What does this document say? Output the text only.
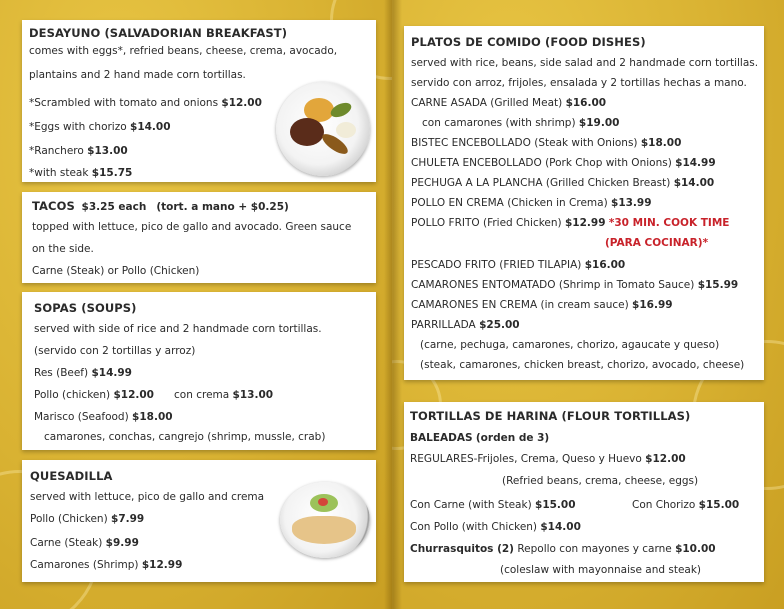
DESAYUNO (SALVADORIAN BREAKFAST)
comes with eggs*, refried beans, cheese, crema, avocado,
plantains and 2 hand made corn tortillas.
*Scrambled with tomato and onions $12.00
*Eggs with chorizo $14.00
*Ranchero $13.00
*with steak $15.75
TACOS $3.25 each (tort. a mano + $0.25)
topped with lettuce, pico de gallo and avocado. Green sauce
on the side.
Carne (Steak) or Pollo (Chicken)
SOPAS (SOUPS)
served with side of rice and 2 handmade corn tortillas.
(servido con 2 tortillas y arroz)
Res (Beef) $14.99
Pollo (chicken) $12.00 con crema $13.00
Marisco (Seafood) $18.00
camarones, conchas, cangrejo (shrimp, mussle, crab)
QUESADILLA
served with lettuce, pico de gallo and crema
Pollo (Chicken) $7.99
Carne (Steak) $9.99
Camarones (Shrimp) $12.99
PLATOS DE COMIDO (FOOD DISHES)
served with rice, beans, side salad and 2 handmade corn tortillas.
servido con arroz, frijoles, ensalada y 2 tortillas hechas a mano.
CARNE ASADA (Grilled Meat) $16.00
con camarones (with shrimp) $19.00
BISTEC ENCEBOLLADO (Steak with Onions) $18.00
CHULETA ENCEBOLLADO (Pork Chop with Onions) $14.99
PECHUGA A LA PLANCHA (Grilled Chicken Breast) $14.00
POLLO EN CREMA (Chicken in Crema) $13.99
POLLO FRITO (Fried Chicken) $12.99 *30 MIN. COOK TIME
(PARA COCINAR)*
PESCADO FRITO (FRIED TILAPIA) $16.00
CAMARONES ENTOMATADO (Shrimp in Tomato Sauce) $15.99
CAMARONES EN CREMA (in cream sauce) $16.99
PARRILLADA $25.00
(carne, pechuga, camarones, chorizo, agaucate y queso)
(steak, camarones, chicken breast, chorizo, avocado, cheese)
TORTILLAS DE HARINA (FLOUR TORTILLAS)
BALEADAS (orden de 3)
REGULARES-Frijoles, Crema, Queso y Huevo $12.00
(Refried beans, crema, cheese, eggs)
Con Carne (with Steak) $15.00	Con Chorizo $15.00
Con Pollo (with Chicken) $14.00
Churrasquitos (2) Repollo con mayones y carne $10.00
(coleslaw with mayonnaise and steak)
